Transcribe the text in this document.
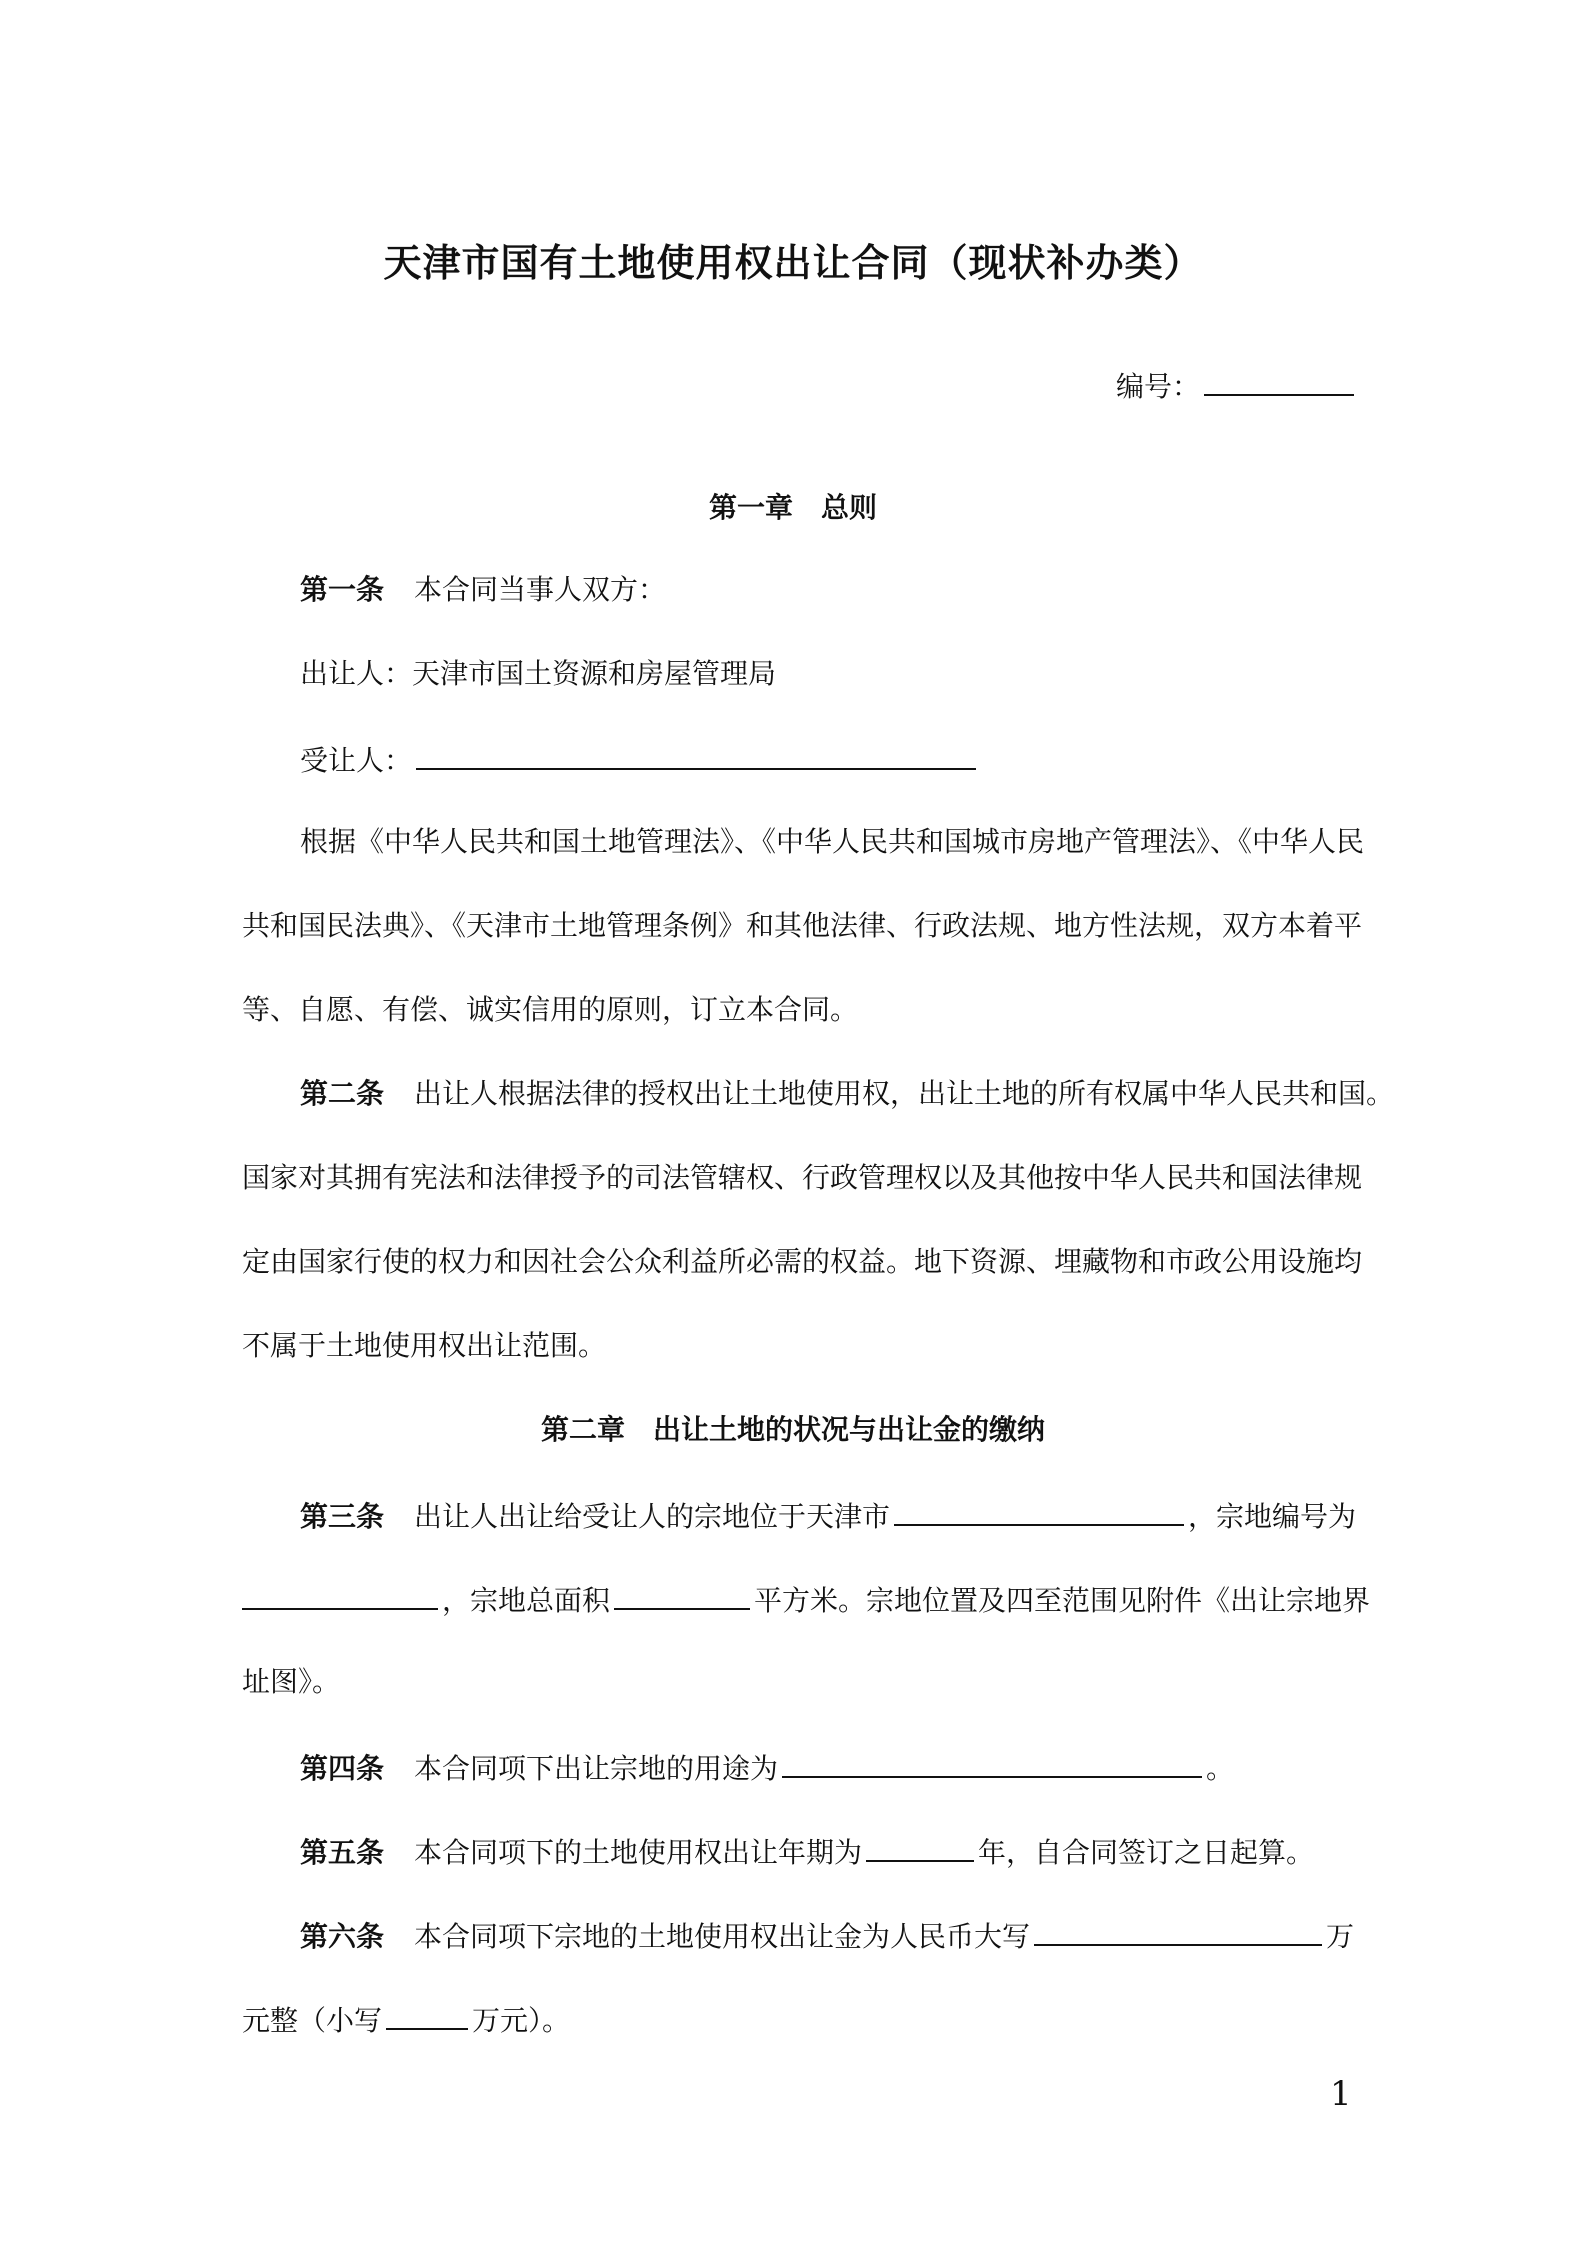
天津市国有土地使用权出让合同（现状补办类）
编号：
第一章　总则
第一条 本合同当事人双方：
出让人：天津市国土资源和房屋管理局
受让人：
根据《中华人民共和国土地管理法》、《中华人民共和国城市房地产管理法》、《中华人民
共和国民法典》、《天津市土地管理条例》和其他法律、行政法规、地方性法规，双方本着平
等、自愿、有偿、诚实信用的原则，订立本合同。
第二条 出让人根据法律的授权出让土地使用权，出让土地的所有权属中华人民共和国。
国家对其拥有宪法和法律授予的司法管辖权、行政管理权以及其他按中华人民共和国法律规
定由国家行使的权力和因社会公众利益所必需的权益。地下资源、埋藏物和市政公用设施均
不属于土地使用权出让范围。
第二章　出让土地的状况与出让金的缴纳
第三条 出让人出让给受让人的宗地位于天津市	，宗地编号为
，宗地总面积	平方米。宗地位置及四至范围见附件《出让宗地界
址图》。
第四条 本合同项下出让宗地的用途为	。
第五条 本合同项下的土地使用权出让年期为	年，自合同签订之日起算。
第六条 本合同项下宗地的土地使用权出让金为人民币大写	万
元整（小写	万元）。
1
